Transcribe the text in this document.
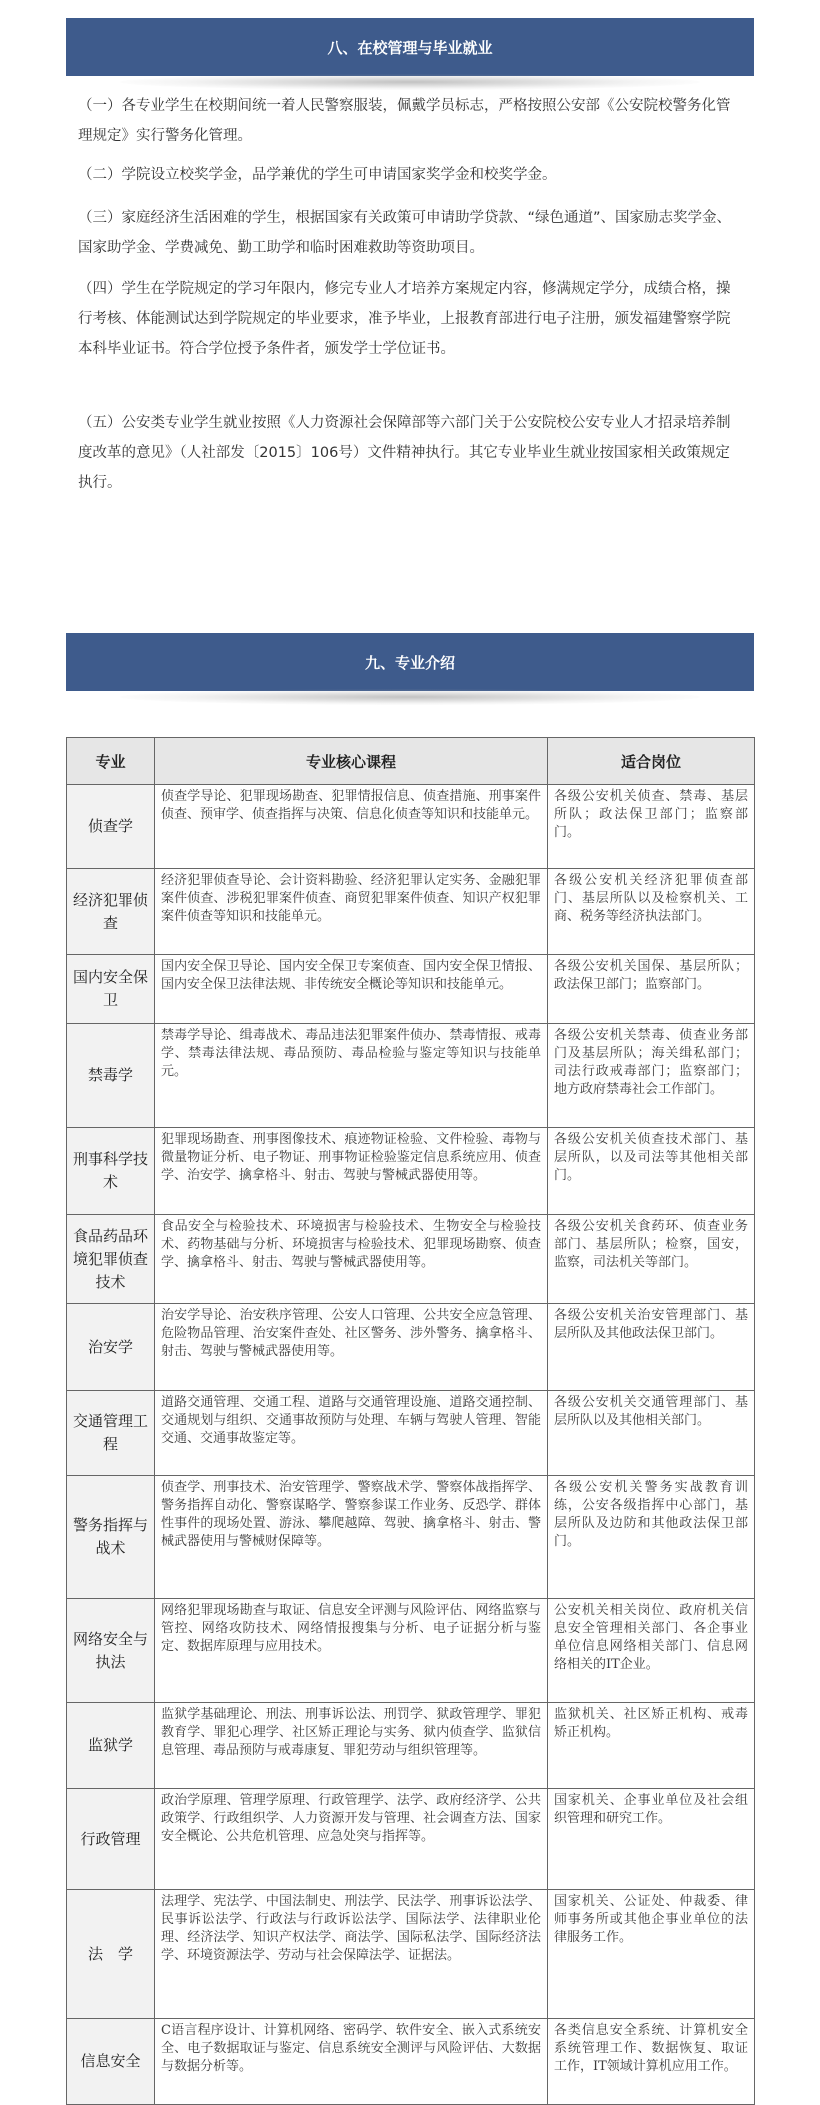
八、在校管理与毕业就业

（一）各专业学生在校期间统一着人民警察服装，佩戴学员标志，严格按照公安部《公安院校警务化管理规定》实行警务化管理。

（二）学院设立校奖学金，品学兼优的学生可申请国家奖学金和校奖学金。

（三）家庭经济生活困难的学生，根据国家有关政策可申请助学贷款、“绿色通道”、国家励志奖学金、国家助学金、学费减免、勤工助学和临时困难救助等资助项目。

（四）学生在学院规定的学习年限内，修完专业人才培养方案规定内容，修满规定学分，成绩合格，操行考核、体能测试达到学院规定的毕业要求，准予毕业，上报教育部进行电子注册，颁发福建警察学院本科毕业证书。符合学位授予条件者，颁发学士学位证书。

（五）公安类专业学生就业按照《人力资源社会保障部等六部门关于公安院校公安专业人才招录培养制度改革的意见》（人社部发〔2015〕106号）文件精神执行。其它专业毕业生就业按国家相关政策规定执行。

九、专业介绍
专业	专业核心课程	适合岗位
侦查学	侦查学导论、犯罪现场勘查、犯罪情报信息、侦查措施、刑事案件侦查、预审学、侦查指挥与决策、信息化侦查等知识和技能单元。	各级公安机关侦查、禁毒、基层所队；政法保卫部门；监察部门。
经济犯罪侦查	经济犯罪侦查导论、会计资料勘验、经济犯罪认定实务、金融犯罪案件侦查、涉税犯罪案件侦查、商贸犯罪案件侦查、知识产权犯罪案件侦查等知识和技能单元。	各级公安机关经济犯罪侦查部门、基层所队以及检察机关、工商、税务等经济执法部门。
国内安全保卫	国内安全保卫导论、国内安全保卫专案侦查、国内安全保卫情报、国内安全保卫法律法规、非传统安全概论等知识和技能单元。	各级公安机关国保、基层所队；政法保卫部门；监察部门。
禁毒学	禁毒学导论、缉毒战术、毒品违法犯罪案件侦办、禁毒情报、戒毒学、禁毒法律法规、毒品预防、毒品检验与鉴定等知识与技能单元。	各级公安机关禁毒、侦查业务部门及基层所队；海关缉私部门；司法行政戒毒部门；监察部门；地方政府禁毒社会工作部门。
刑事科学技术	犯罪现场勘查、刑事图像技术、痕迹物证检验、文件检验、毒物与微量物证分析、电子物证、刑事物证检验鉴定信息系统应用、侦查学、治安学、擒拿格斗、射击、驾驶与警械武器使用等。	各级公安机关侦查技术部门、基层所队，以及司法等其他相关部门。
食品药品环境犯罪侦查技术	食品安全与检验技术、环境损害与检验技术、生物安全与检验技术、药物基础与分析、环境损害与检验技术、犯罪现场勘察、侦查学、擒拿格斗、射击、驾驶与警械武器使用等。	各级公安机关食药环、侦查业务部门、基层所队；检察，国安，监察，司法机关等部门。
治安学	治安学导论、治安秩序管理、公安人口管理、公共安全应急管理、危险物品管理、治安案件查处、社区警务、涉外警务、擒拿格斗、射击、驾驶与警械武器使用等。	各级公安机关治安管理部门、基层所队及其他政法保卫部门。
交通管理工程	道路交通管理、交通工程、道路与交通管理设施、道路交通控制、交通规划与组织、交通事故预防与处理、车辆与驾驶人管理、智能交通、交通事故鉴定等。	各级公安机关交通管理部门、基层所队以及其他相关部门。
警务指挥与战术	侦查学、刑事技术、治安管理学、警察战术学、警察体战指挥学、警务指挥自动化、警察谋略学、警察参谋工作业务、反恐学、群体性事件的现场处置、游泳、攀爬越障、驾驶、擒拿格斗、射击、警械武器使用与警械财保障等。	各级公安机关警务实战教育训练，公安各级指挥中心部门，基层所队及边防和其他政法保卫部门。
网络安全与执法	网络犯罪现场勘查与取证、信息安全评测与风险评估、网络监察与管控、网络攻防技术、网络情报搜集与分析、电子证据分析与鉴定、数据库原理与应用技术。	公安机关相关岗位、政府机关信息安全管理相关部门、各企事业单位信息网络相关部门、信息网络相关的IT企业。
监狱学	监狱学基础理论、刑法、刑事诉讼法、刑罚学、狱政管理学、罪犯教育学、罪犯心理学、社区矫正理论与实务、狱内侦查学、监狱信息管理、毒品预防与戒毒康复、罪犯劳动与组织管理等。	监狱机关、社区矫正机构、戒毒矫正机构。
行政管理	政治学原理、管理学原理、行政管理学、法学、政府经济学、公共政策学、行政组织学、人力资源开发与管理、社会调查方法、国家安全概论、公共危机管理、应急处突与指挥等。	国家机关、企事业单位及社会组织管理和研究工作。
法　学	法理学、宪法学、中国法制史、刑法学、民法学、刑事诉讼法学、民事诉讼法学、行政法与行政诉讼法学、国际法学、法律职业伦理、经济法学、知识产权法学、商法学、国际私法学、国际经济法学、环境资源法学、劳动与社会保障法学、证据法。	国家机关、公证处、仲裁委、律师事务所或其他企事业单位的法律服务工作。
信息安全	C语言程序设计、计算机网络、密码学、软件安全、嵌入式系统安全、电子数据取证与鉴定、信息系统安全测评与风险评估、大数据与数据分析等。	各类信息安全系统、计算机安全系统管理工作、数据恢复、取证工作，IT领域计算机应用工作。
